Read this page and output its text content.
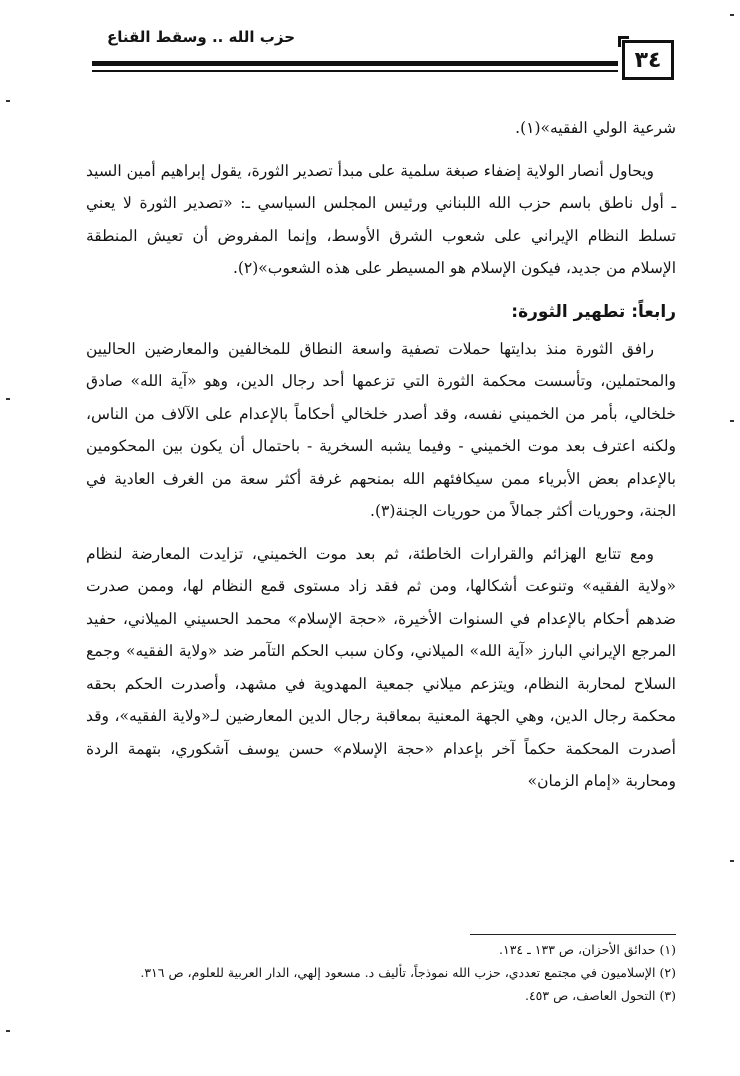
حزب الله .. وسقط القناع
٣٤

شرعية الولي الفقيه»(١).

ويحاول أنصار الولاية إضفاء صبغة سلمية على مبدأ تصدير الثورة، يقول إبراهيم أمين السيد ـ أول ناطق باسم حزب الله اللبناني ورئيس المجلس السياسي ـ: «تصدير الثورة لا يعني تسلط النظام الإيراني على شعوب الشرق الأوسط، وإنما المفروض أن تعيش المنطقة الإسلام من جديد، فيكون الإسلام هو المسيطر على هذه الشعوب»(٢).

رابعاً: تطهير الثورة:

رافق الثورة منذ بدايتها حملات تصفية واسعة النطاق للمخالفين والمعارضين الحاليين والمحتملين، وتأسست محكمة الثورة التي تزعمها أحد رجال الدين، وهو «آية الله» صادق خلخالي، بأمر من الخميني نفسه، وقد أصدر خلخالي أحكاماً بالإعدام على الآلاف من الناس، ولكنه اعترف بعد موت الخميني - وفيما يشبه السخرية - باحتمال أن يكون بين المحكومين بالإعدام بعض الأبرياء ممن سيكافئهم الله بمنحهم غرفة أكثر سعة من الغرف العادية في الجنة، وحوريات أكثر جمالاً من حوريات الجنة(٣).

ومع تتابع الهزائم والقرارات الخاطئة، ثم بعد موت الخميني، تزايدت المعارضة لنظام «ولاية الفقيه» وتنوعت أشكالها، ومن ثم فقد زاد مستوى قمع النظام لها، وممن صدرت ضدهم أحكام بالإعدام في السنوات الأخيرة، «حجة الإسلام» محمد الحسيني الميلاني، حفيد المرجع الإيراني البارز «آية الله» الميلاني، وكان سبب الحكم التآمر ضد «ولاية الفقيه» وجمع السلاح لمحاربة النظام، ويتزعم ميلاني جمعية المهدوية في مشهد، وأصدرت الحكم بحقه محكمة رجال الدين، وهي الجهة المعنية بمعاقبة رجال الدين المعارضين لـ«ولاية الفقيه»، وقد أصدرت المحكمة حكماً آخر بإعدام «حجة الإسلام» حسن يوسف آشكوري، بتهمة الردة ومحاربة «إمام الزمان»

(١) حدائق الأحزان، ص ١٣٣ ـ ١٣٤.

(٢) الإسلاميون في مجتمع تعددي، حزب الله نموذجاً، تأليف د. مسعود إلهي، الدار العربية للعلوم، ص ٣١٦.

(٣) التحول العاصف، ص ٤٥٣.
